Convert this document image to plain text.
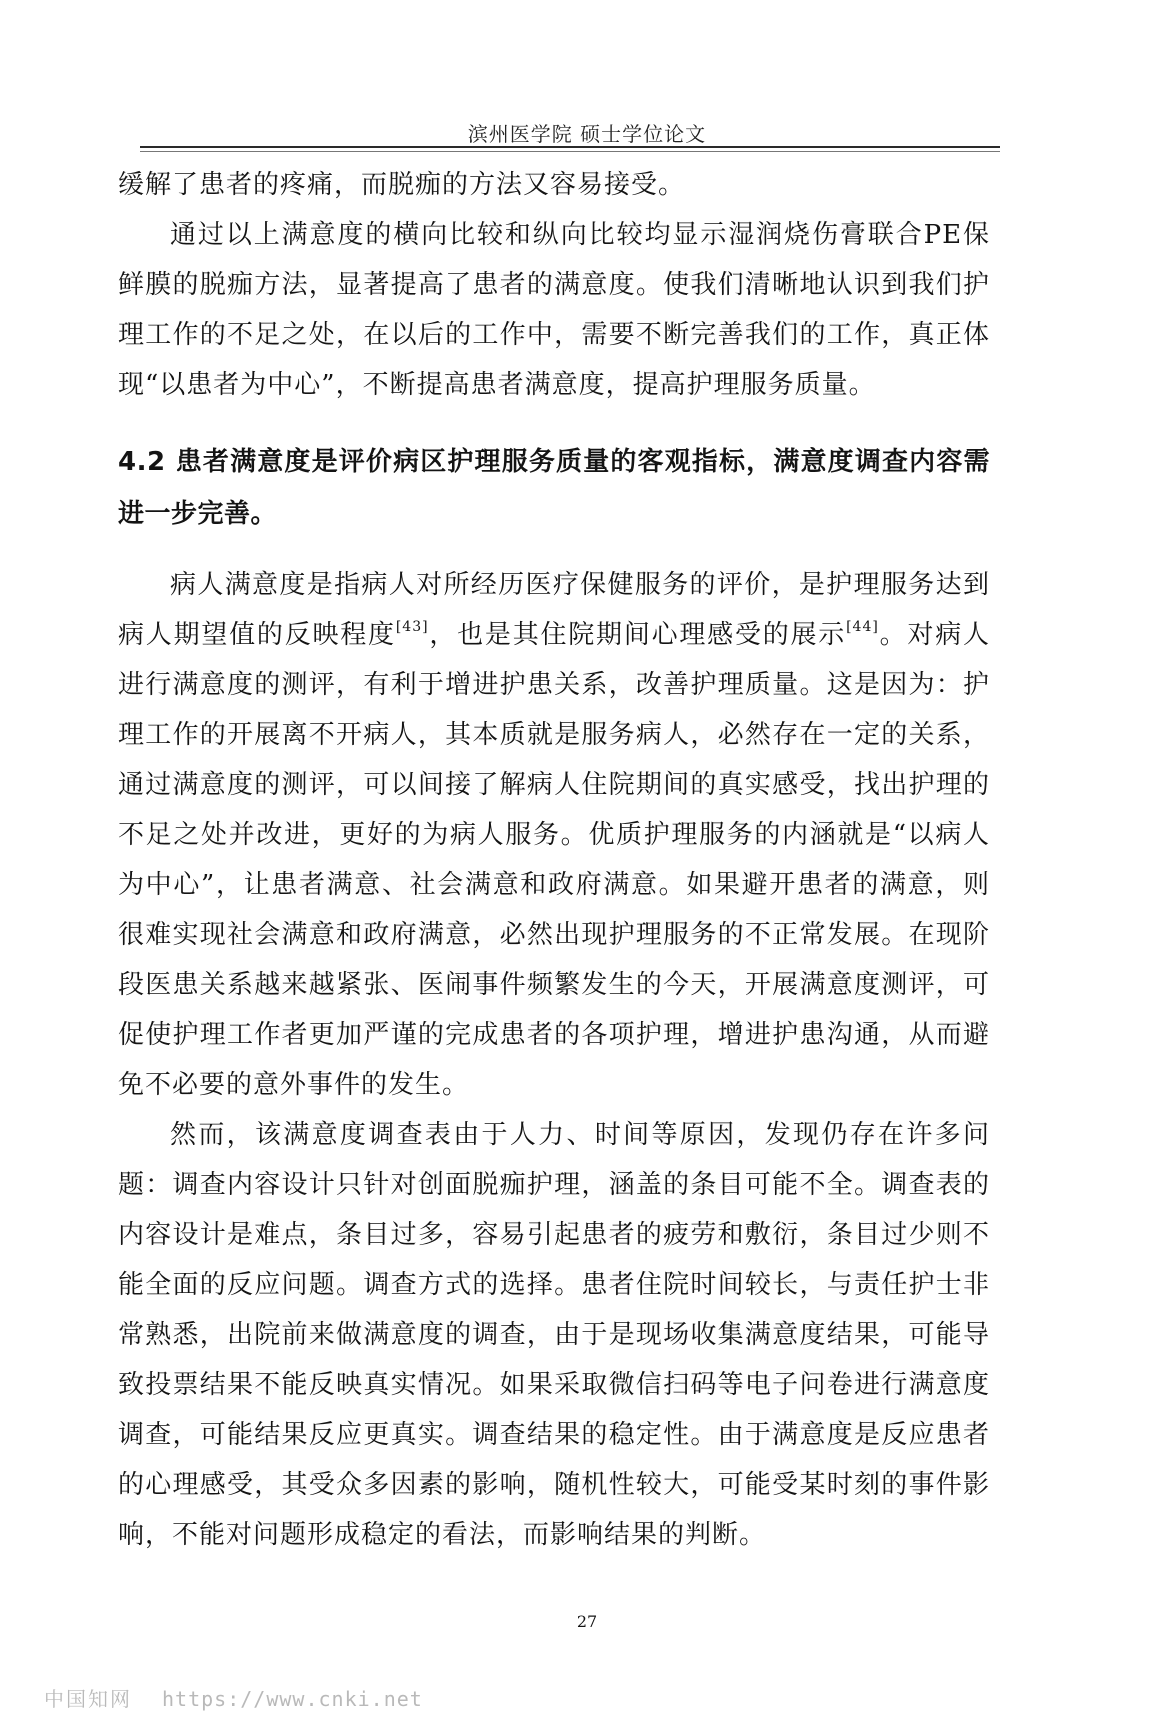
滨州医学院 硕士学位论文

缓解了患者的疼痛，而脱痂的方法又容易接受。

通过以上满意度的横向比较和纵向比较均显示湿润烧伤膏联合PE保鲜膜的脱痂方法，显著提高了患者的满意度。使我们清晰地认识到我们护理工作的不足之处，在以后的工作中，需要不断完善我们的工作，真正体现“以患者为中心”，不断提高患者满意度，提高护理服务质量。

4.2 患者满意度是评价病区护理服务质量的客观指标，满意度调查内容需进一步完善。

病人满意度是指病人对所经历医疗保健服务的评价，是护理服务达到病人期望值的反映程度[43]，也是其住院期间心理感受的展示[44]。对病人进行满意度的测评，有利于增进护患关系，改善护理质量。这是因为：护理工作的开展离不开病人，其本质就是服务病人，必然存在一定的关系，通过满意度的测评，可以间接了解病人住院期间的真实感受，找出护理的不足之处并改进，更好的为病人服务。优质护理服务的内涵就是“以病人为中心”，让患者满意、社会满意和政府满意。如果避开患者的满意，则很难实现社会满意和政府满意，必然出现护理服务的不正常发展。在现阶段医患关系越来越紧张、医闹事件频繁发生的今天，开展满意度测评，可促使护理工作者更加严谨的完成患者的各项护理，增进护患沟通，从而避免不必要的意外事件的发生。

然而，该满意度调查表由于人力、时间等原因，发现仍存在许多问题：调查内容设计只针对创面脱痂护理，涵盖的条目可能不全。调查表的内容设计是难点，条目过多，容易引起患者的疲劳和敷衍，条目过少则不能全面的反应问题。调查方式的选择。患者住院时间较长，与责任护士非常熟悉，出院前来做满意度的调查，由于是现场收集满意度结果，可能导致投票结果不能反映真实情况。如果采取微信扫码等电子问卷进行满意度调查，可能结果反应更真实。调查结果的稳定性。由于满意度是反应患者的心理感受，其受众多因素的影响，随机性较大，可能受某时刻的事件影响，不能对问题形成稳定的看法，而影响结果的判断。

27
中国知网 https://www.cnki.net
